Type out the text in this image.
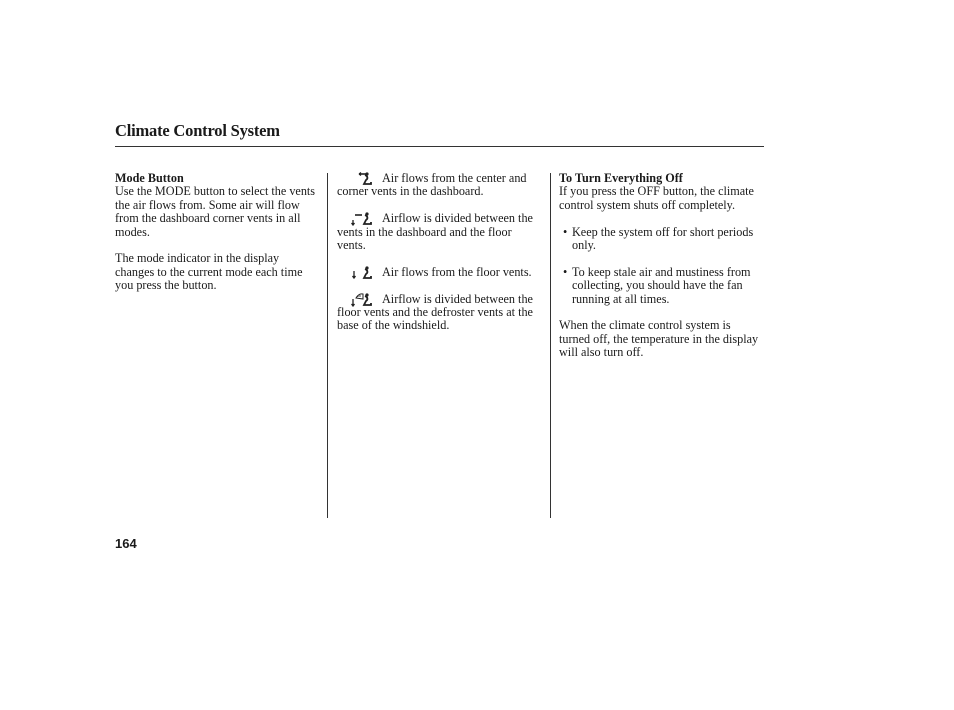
Climate Control System

Mode Button

Use the MODE button to select the vents the air flows from. Some air will flow from the dashboard corner vents in all modes.

The mode indicator in the display changes to the current mode each time you press the button.

Air flows from the center and corner vents in the dashboard.

Airflow is divided between the vents in the dashboard and the floor vents.

Air flows from the floor vents.

Airflow is divided between the floor vents and the defroster vents at the base of the windshield.

To Turn Everything Off

If you press the OFF button, the climate control system shuts off completely.

• Keep the system off for short periods only.

• To keep stale air and mustiness from collecting, you should have the fan running at all times.

When the climate control system is turned off, the temperature in the display will also turn off.

164
